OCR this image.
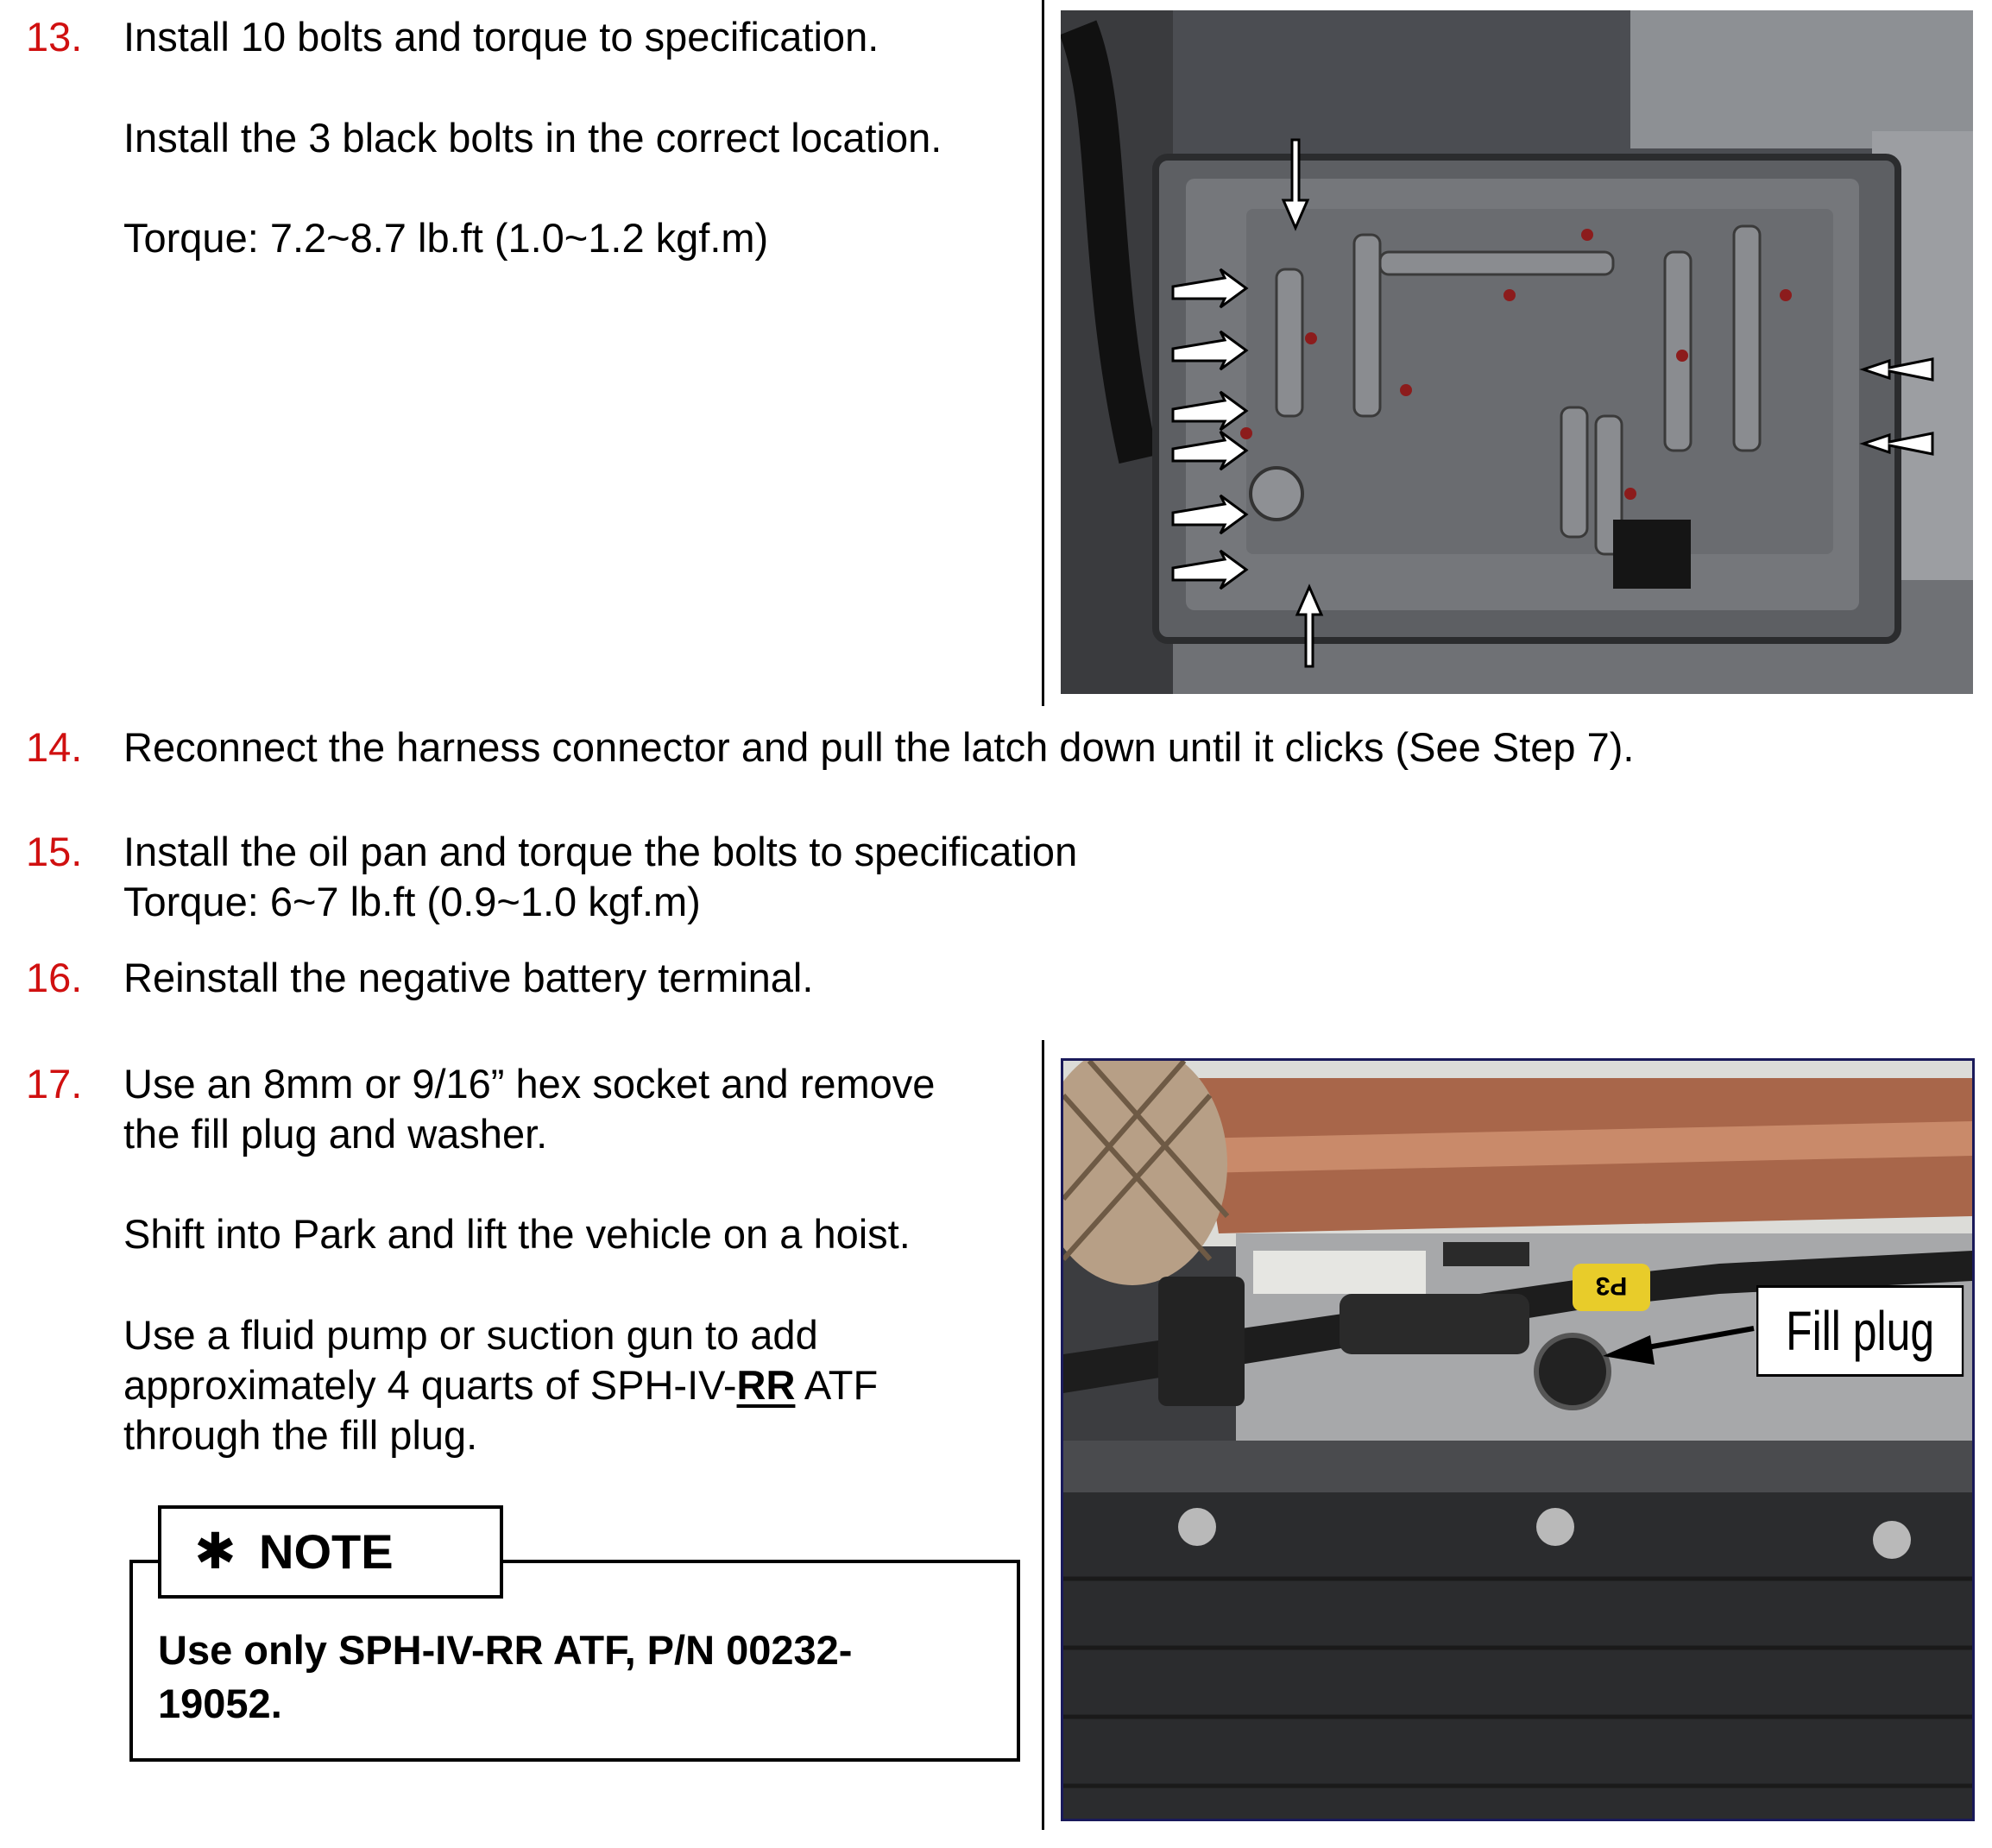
13. Install 10 bolts and torque to specification.
Install the 3 black bolts in the correct location.
Torque: 7.2~8.7 lb.ft (1.0~1.2 kgf.m)
14. Reconnect the harness connector and pull the latch down until it clicks (See Step 7).
15. Install the oil pan and torque the bolts to specification
Torque: 6~7 lb.ft (0.9~1.0 kgf.m)
16. Reinstall the negative battery terminal.
17. Use an 8mm or 9/16” hex socket and remove
the fill plug and washer.
Shift into Park and lift the vehicle on a hoist.
Use a fluid pump or suction gun to add
approximately 4 quarts of SPH-IV-RR ATF
through the fill plug.
✱ NOTE
Use only SPH-IV-RR ATF, P/N 00232-
19052.
P3
Fill plug
